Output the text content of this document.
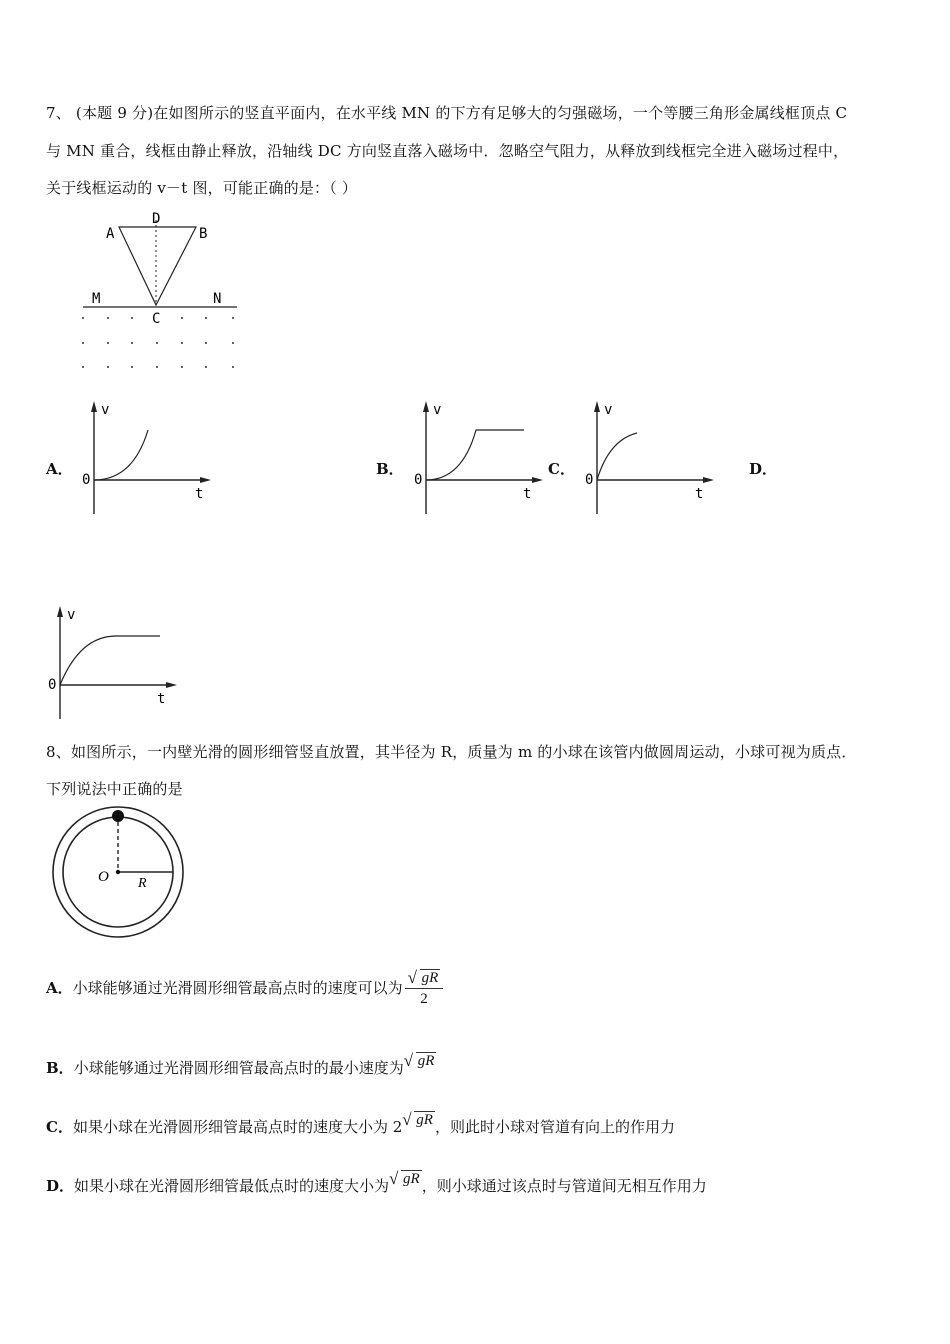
7、 (本题 9 分)在如图所示的竖直平面内，在水平线 MN 的下方有足够大的匀强磁场，一个等腰三角形金属线框顶点 C
与 MN 重合，线框由静止释放，沿轴线 DC 方向竖直落入磁场中．忽略空气阻力，从释放到线框完全进入磁场过程中，
关于线框运动的 v－t 图，可能正确的是：（ ）
D
A	B
M	N
C
A．	B．	C．	D．
v
0
t
v
0
t
v
0
t
v
0
t
8、如图所示，一内壁光滑的圆形细管竖直放置，其半径为 R，质量为 m 的小球在该管内做圆周运动，小球可视为质点．
下列说法中正确的是
O R
A．小球能够通过光滑圆形细管最高点时的速度可以为 $\frac{√ gR}{2}$
B．小球能够通过光滑圆形细管最高点时的最小速度为 √ gR
C．如果小球在光滑圆形细管最高点时的速度大小为 2 √ gR ，则此时小球对管道有向上的作用力
D．如果小球在光滑圆形细管最低点时的速度大小为 √ gR ，则小球通过该点时与管道间无相互作用力
